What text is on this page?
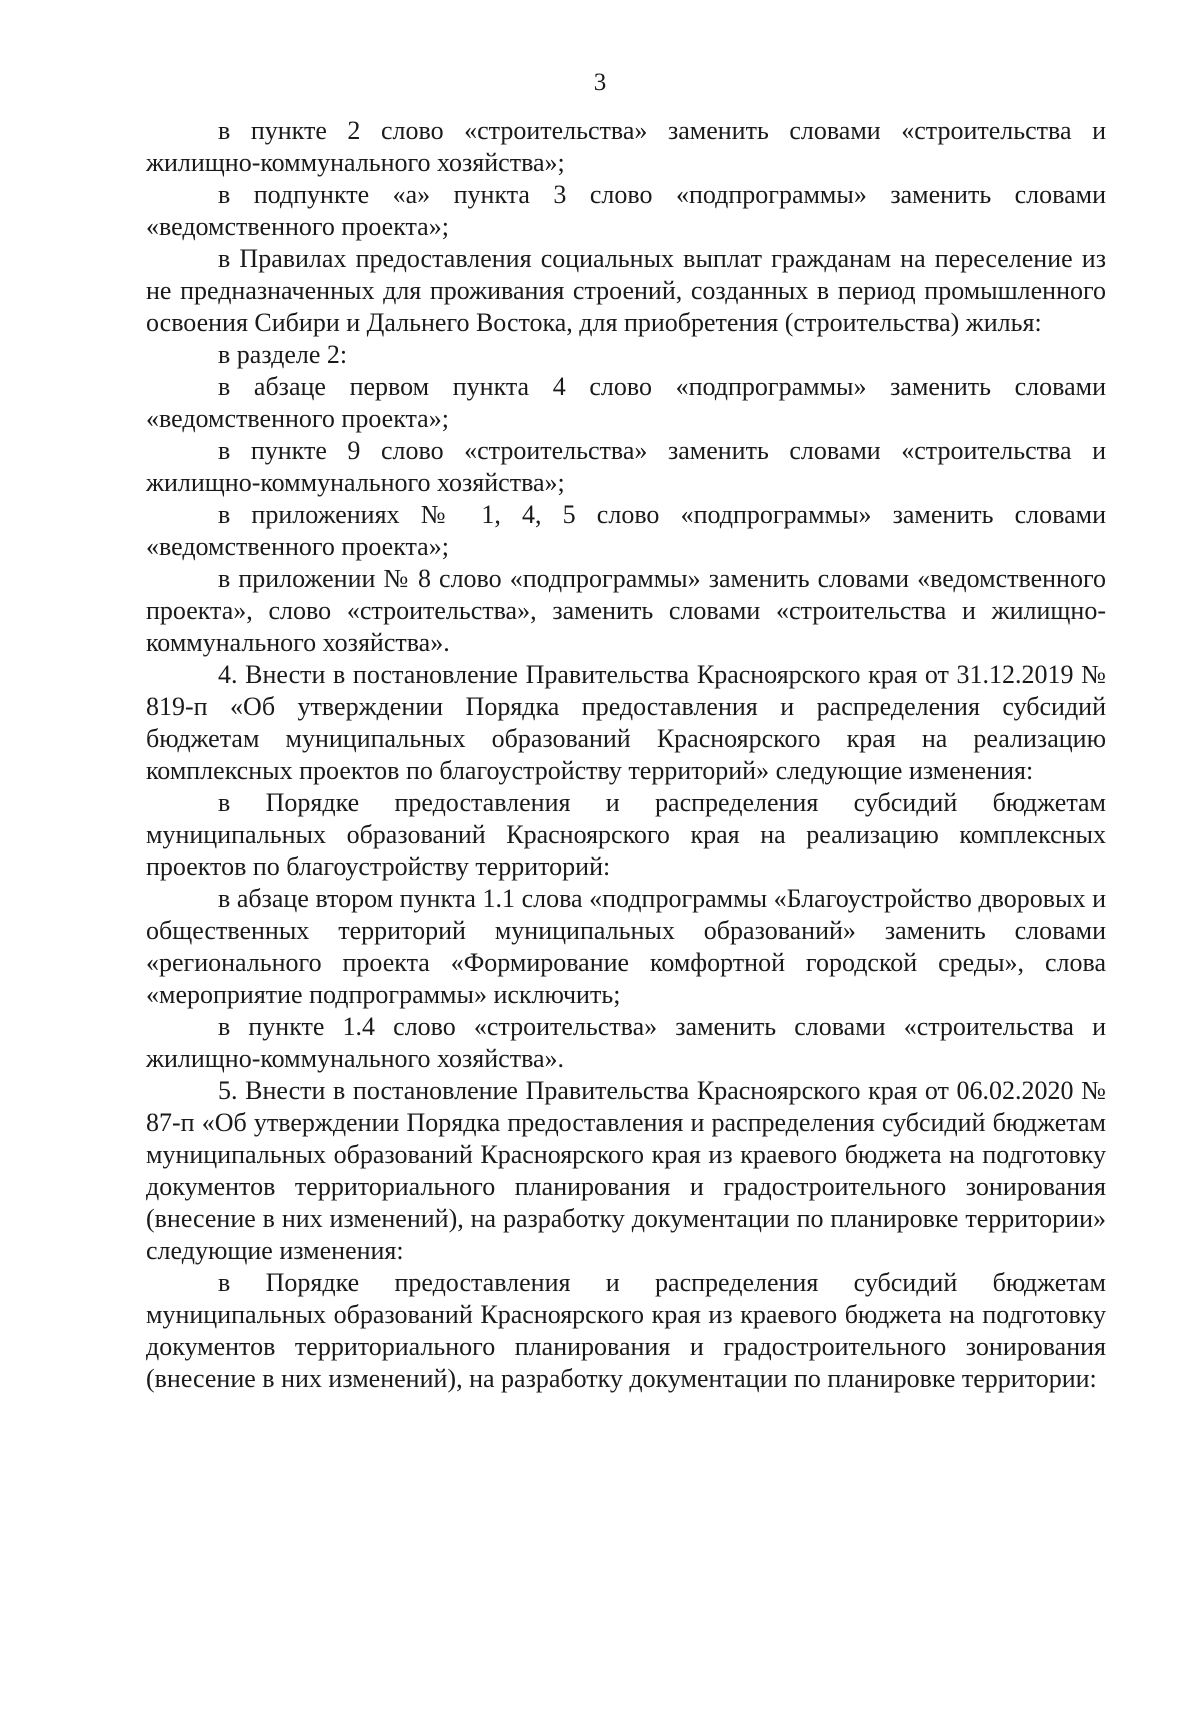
3

в пункте 2 слово «строительства» заменить словами «строительства и жилищно-коммунального хозяйства»;

в подпункте «а» пункта 3 слово «подпрограммы» заменить словами «ведомственного проекта»;

в Правилах предоставления социальных выплат гражданам на переселение из не предназначенных для проживания строений, созданных в период промышленного освоения Сибири и Дальнего Востока, для приобретения (строительства) жилья:

в разделе 2:

в абзаце первом пункта 4 слово «подпрограммы» заменить словами «ведомственного проекта»;

в пункте 9 слово «строительства» заменить словами «строительства и жилищно-коммунального хозяйства»;

в приложениях № 1, 4, 5 слово «подпрограммы» заменить словами «ведомственного проекта»;

в приложении № 8 слово «подпрограммы» заменить словами «ведомственного проекта», слово «строительства», заменить словами «строительства и жилищно-коммунального хозяйства».

4. Внести в постановление Правительства Красноярского края от 31.12.2019 № 819-п «Об утверждении Порядка предоставления и распределения субсидий бюджетам муниципальных образований Красноярского края на реализацию комплексных проектов по благоустройству территорий» следующие изменения:

в Порядке предоставления и распределения субсидий бюджетам муниципальных образований Красноярского края на реализацию комплексных проектов по благоустройству территорий:

в абзаце втором пункта 1.1 слова «подпрограммы «Благоустройство дворовых и общественных территорий муниципальных образований» заменить словами «регионального проекта «Формирование комфортной городской среды», слова «мероприятие подпрограммы» исключить;

в пункте 1.4 слово «строительства» заменить словами «строительства и жилищно-коммунального хозяйства».

5. Внести в постановление Правительства Красноярского края от 06.02.2020 № 87-п «Об утверждении Порядка предоставления и распределения субсидий бюджетам муниципальных образований Красноярского края из краевого бюджета на подготовку документов территориального планирования и градостроительного зонирования (внесение в них изменений), на разработку документации по планировке территории» следующие изменения:

в Порядке предоставления и распределения субсидий бюджетам муниципальных образований Красноярского края из краевого бюджета на подготовку документов территориального планирования и градостроительного зонирования (внесение в них изменений), на разработку документации по планировке территории:
